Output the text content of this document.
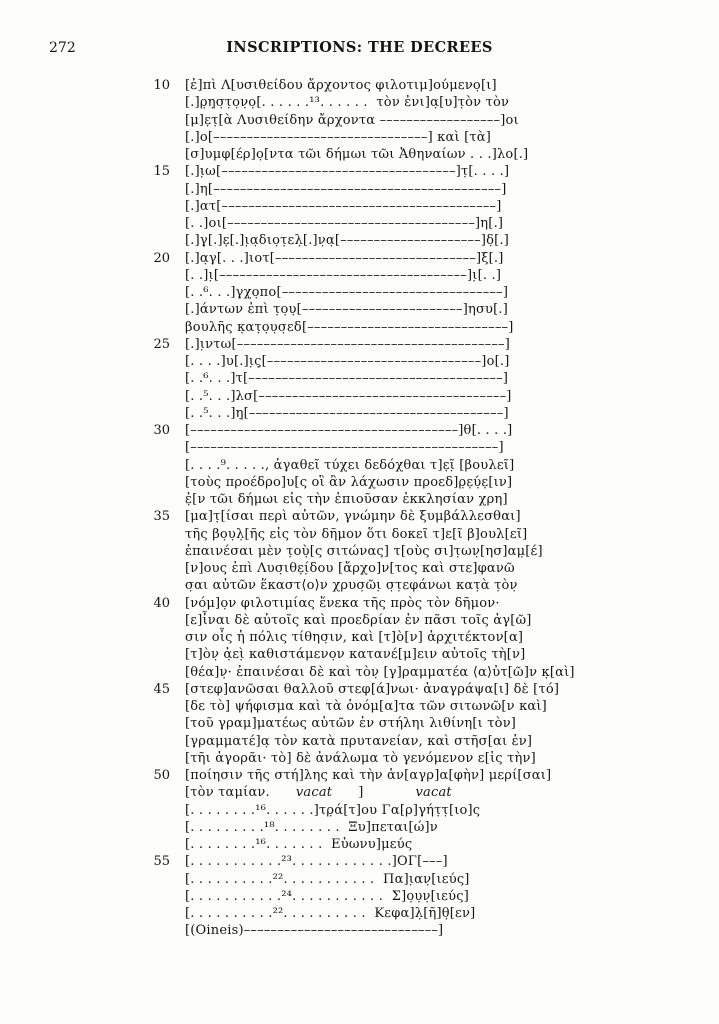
272	INSCRIPTIONS: THE DECREES
10 [ἐ]πὶ Λ[υσιθείδου ἄρχοντος φιλοτιμ]ούμενο̣[ι]
[.]ρ̣η̣σ̣τ̣ο̣ν̣ο̣[. . . . . .¹³. . . . . .  τὸν ἐνι]α̣[υ]τ̣ὸν τὸν
[μ]ε̣τ̣[ὰ Λυσιθείδην ἄρχοντα ––––––––––––––––––]οι
[.]ο[––––––––––––––––––––––––––––––––] καὶ [τὰ]
[σ]υμφ[έρ]ο̣[ντα τῶι δήμωι τῶι Ἀθηναίων . . .]λο[.]
15 [.]ι̣ω[–––––––––––––––––––––––––––––––––––]τ̣[. . . .]
[.]η[–––––––––––––––––––––––––––––––––––––––––––]
[.]ατ[–––––––––––––––––––––––––––––––––––––––––]
[. .]οι[–––––––––––––––––––––––––––––––––––––]η[.]
[.]γ̣[.]ε̣[.]ι̣α̣διο̣τ̣ελ̣[.]ν̣α̣[–––––––––––––––––––––]δ̣[.]
20 [.]α̣γ[. . .]ιοτ[––––––––––––––––––––––––––––––]ξ[.]
[. .]ι̣[–––––––––––––––––––––––––––––––––––––]ι̣[. .]
[. .⁶. . .]γ̣χ̣ο̣πο[–––––––––––––––––––––––––––––––––]
[.]άντων ἐπὶ τ̣ο̣υ̣[––––––––––––––––––––––––]ησυ[.]
βουλῆς κ̣ατ̣ο̣υ̣σ̣εδ[––––––––––––––––––––––––––––––]
25 [.]ι̣ντω[––––––––––––––––––––––––––––––––––––––––]
[. . . .]υ[.]ι̣ς̣[––––––––––––––––––––––––––––––––]ο[.]
[. .⁶. . .]τ[––––––––––––––––––––––––––––––––––––––]
[. .⁵. . .]λσ[–––––––––––––––––––––––––––––––––––––]
[. .⁵. . .]η̣[––––––––––––––––––––––––––––––––––––––]
30 [––––––––––––––––––––––––––––––––––––––––]θ[. . . .]
[––––––––––––––––––––––––––––––––––––––––––––––]
[. . . .⁹. . . . ., ἀγαθεῖ τύχει δεδόχθαι τ]ε̣ῖ̣ [βουλεῖ]
[τοὺς προέδρο]υ[ς οἳ ἂν λάχωσιν προεδ]ρ̣ε̣ύ̣ε̣[ιν]
ἐ̣[ν τῶι δήμωι εἰς τὴν ἐπιοῦσαν ἐκκλησίαν χρη]
35 [μα]τ̣[ίσαι περὶ αὐτῶν, γνώμην δὲ ξυμβάλλεσθαι]
τῆς βο̣υ̣λ̣[ῆς εἰς τὸν δῆμον ὅτι δοκεῖ τ]ε[ῖ β]ουλ[εῖ]
ἐπαινέσαι μὲν τ̣οὺ̣[ς σιτώνας] τ[οὺς σι]τ̣ων̣[ησ]αμ̣[έ]
[ν]ους ἐπὶ Λυσ̣ιθε̣ί̣δου [ἄρχο]ν[τος καὶ στε]φανῶ
σ̣αι αὐτῶν ἕκαστ⟨ο⟩ν χρυσ̣ῶι̣ σ̣τ̣εφάνωι κατ̣ὰ τ̣ὸν̣
40 [νόμ]ο̣ν φιλοτιμίας ἕνεκα τῆς πρὸς τὸν δῆμον·
[ε]ἶναι δὲ αὐτοῖς καὶ προεδρίαν ἐν πᾶσι τοῖς ἀγ[ῶ]
σιν οἷς ἡ πόλις τίθησ̣ιν, καὶ [τ]ὸ[ν] ἀρχιτέκτον[α]
[τ]ὸν̣ ἀ̣εὶ̣ καθιστάμενο̣ν κατανέ[μ]ειν αὐτοῖς τὴ[ν]
[θέα]ν̣· ἐπαινέσαι δὲ καὶ τὸν̣ [γ]ραμματέα ⟨α⟩ὐτ[ῶ]ν κ̣[αὶ]
45 [στεφ]ανῶσαι θαλλοῦ στεφ[ά]νωι· ἀναγράψα[ι] δὲ [τό]
[δε τὸ] ψήφισμα καὶ τὰ ὀνόμ[α]τα τῶν σιτωνῶ[ν καὶ]
[τοῦ γραμ]ματέως αὐτῶν ἐν στήληι λιθίνη[ι τὸν]
[γραμματέ]α̣ τὸν κατὰ πρυτανείαν, καὶ στῆσ[αι ἐν]
[τῆι ἀγορᾶι· τὸ] δὲ ἀνάλωμα τὸ γενόμενον ε[ἰς τὴν]
50 [ποίησιν τῆς στή]λης καὶ τὴν ἀν[αγρ]α[φὴν] μερί[σαι]
[τὸν ταμίαν.      vacat      ]            vacat
[. . . . . . . .¹⁶. . . . . .]τρ̣ά[τ]ου Γα[ρ]γήτ̣τ̣[ιο]ς
[. . . . . . . . .¹⁸. . . . . . . .  Ξυ]πεται[ώ]ν
[. . . . . . . .¹⁶. . . . . . .  Εὐωνυ]μεύς
55 [. . . . . . . . . . .²³. . . . . . . . . . . .]ΟΓ[–––]
[. . . . . . . . . .²². . . . . . . . . . .  Πα]ι̣αν̣[ιεύς]
[. . . . . . . . . . .²⁴. . . . . . . . . . .  Σ]ο̣υ̣ν̣[ιεύς]
[. . . . . . . . . .²². . . . . . . . . .  Κεφα]λ̣[ῆ]θ̣[εν]
[(Oineis)–––––––––––––––––––––––––––––]
